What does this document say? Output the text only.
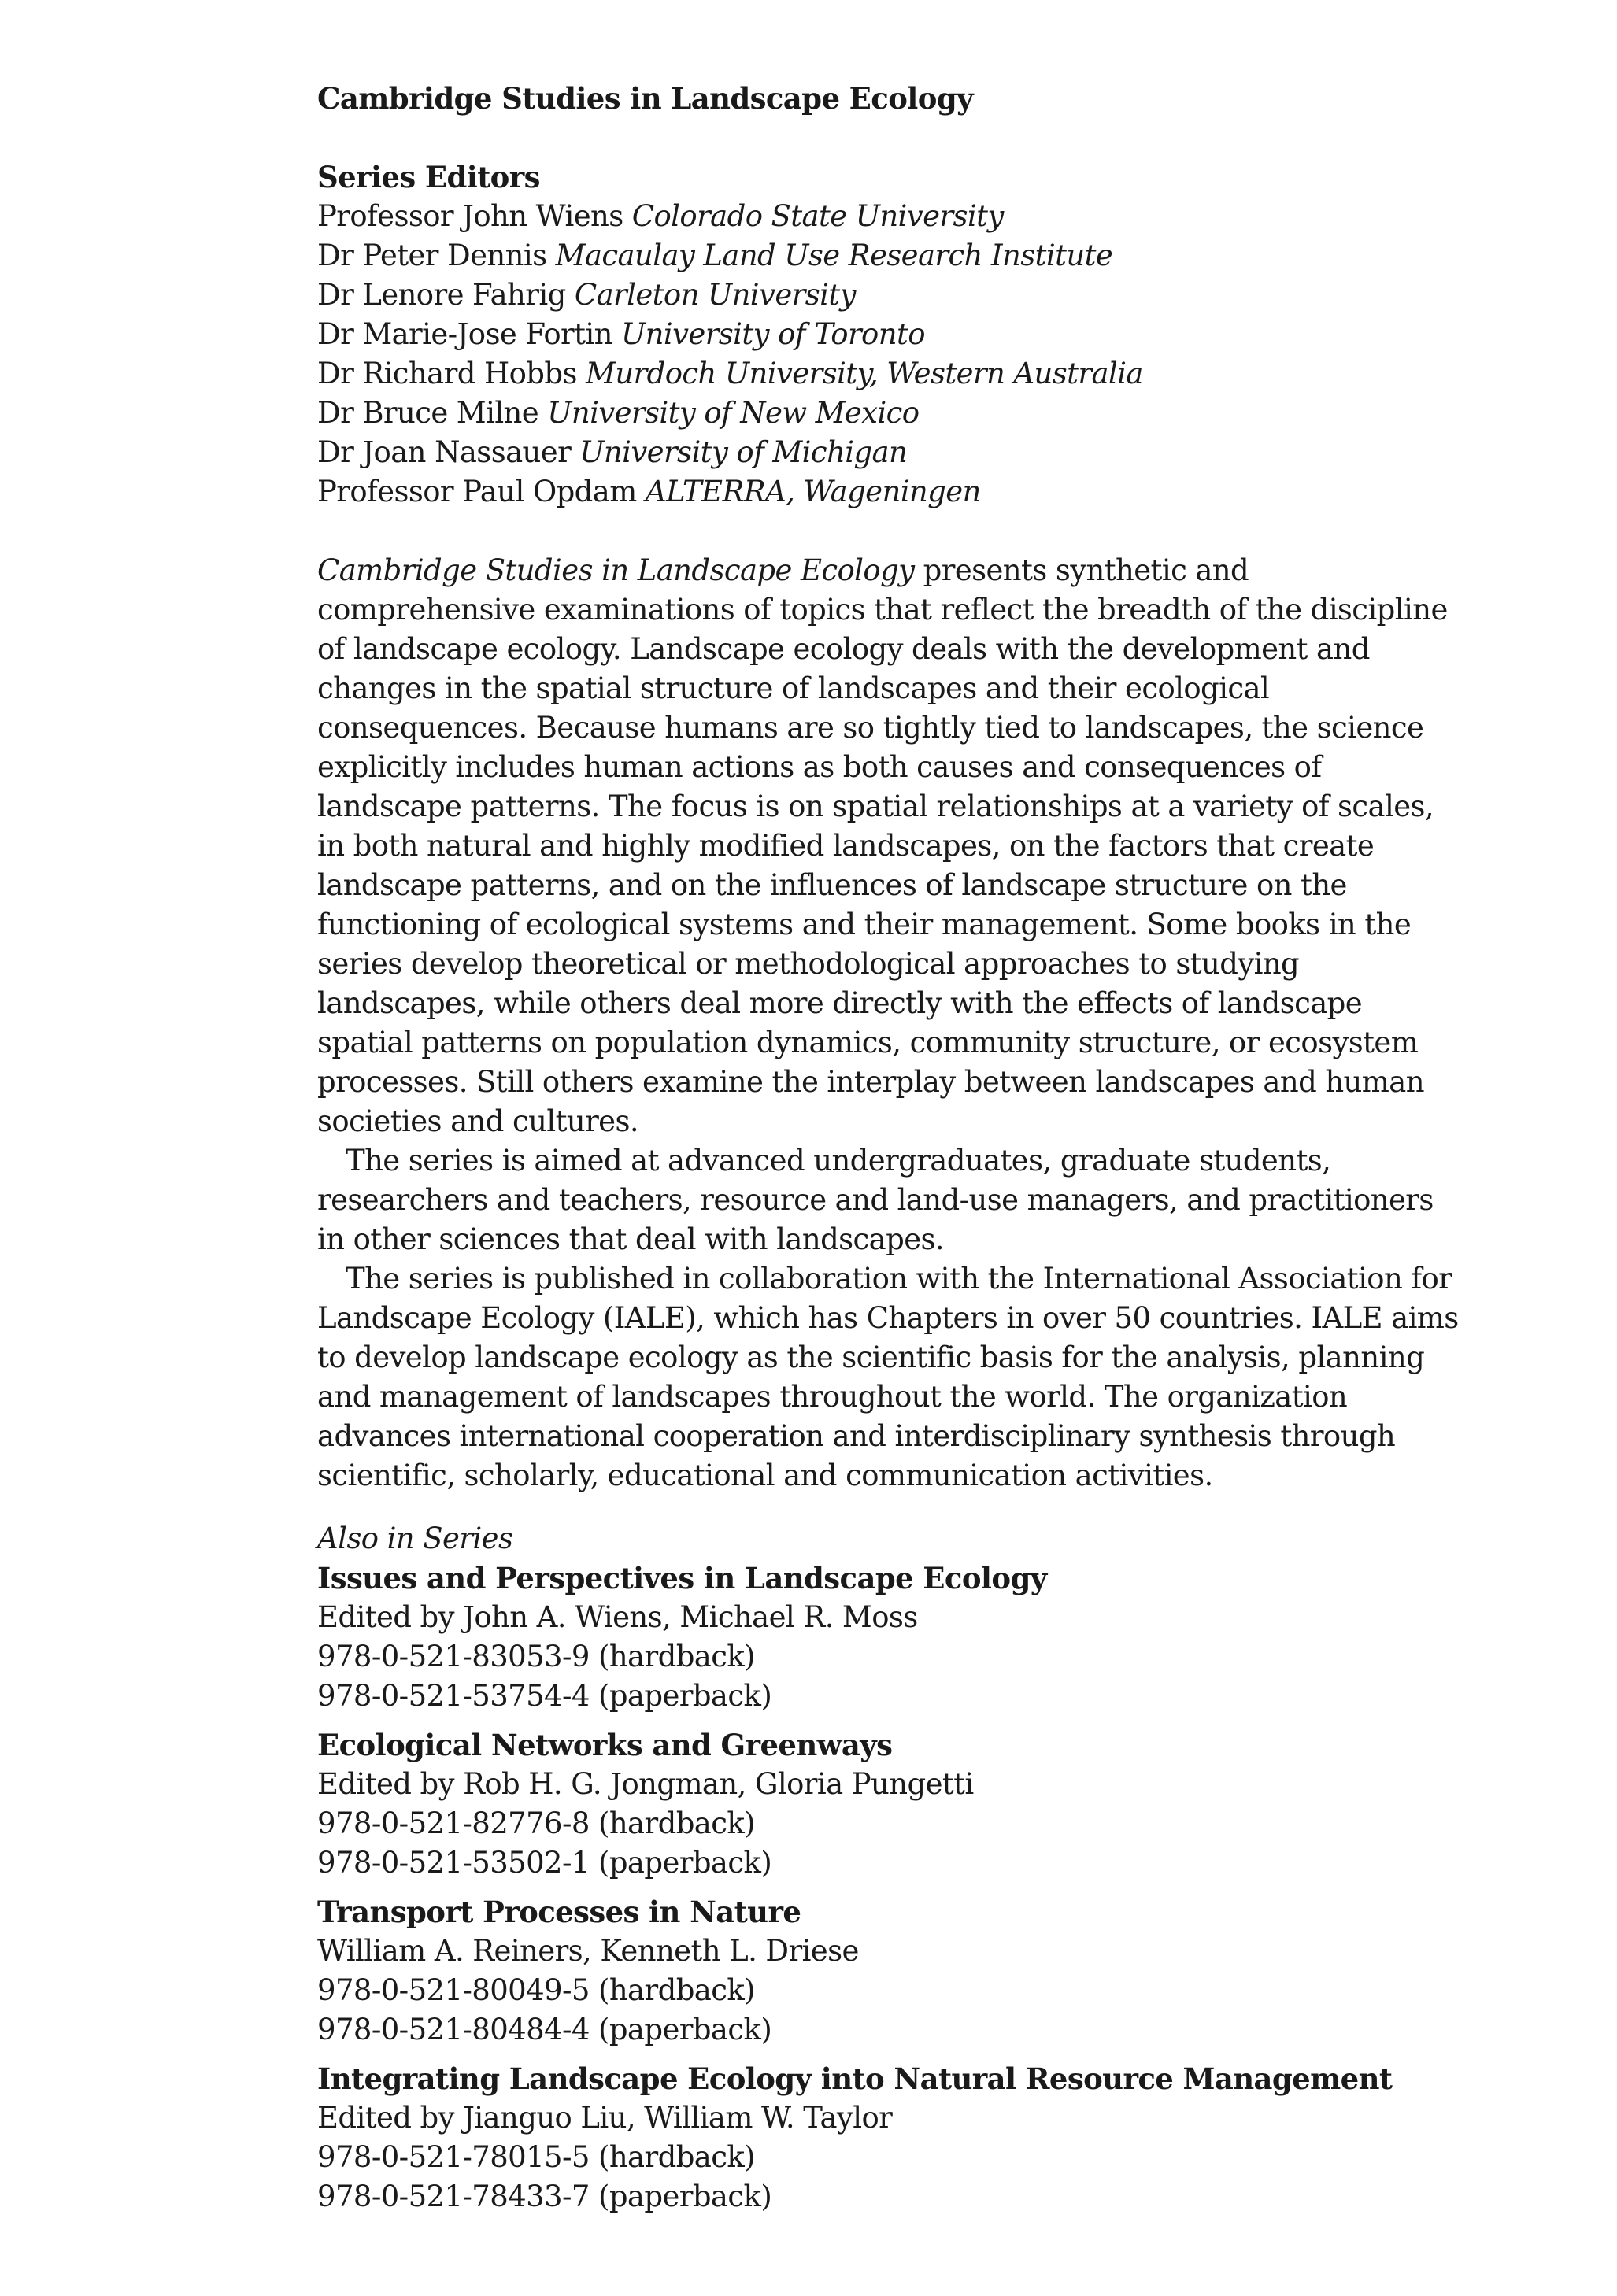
Cambridge Studies in Landscape Ecology
Series Editors
Professor John Wiens Colorado State University
Dr Peter Dennis Macaulay Land Use Research Institute
Dr Lenore Fahrig Carleton University
Dr Marie-Jose Fortin University of Toronto
Dr Richard Hobbs Murdoch University, Western Australia
Dr Bruce Milne University of New Mexico
Dr Joan Nassauer University of Michigan
Professor Paul Opdam ALTERRA, Wageningen

Cambridge Studies in Landscape Ecology presents synthetic and comprehensive examinations of topics that reflect the breadth of the discipline of landscape ecology. Landscape ecology deals with the development and changes in the spatial structure of landscapes and their ecological consequences. Because humans are so tightly tied to landscapes, the science explicitly includes human actions as both causes and consequences of landscape patterns. The focus is on spatial relationships at a variety of scales, in both natural and highly modified landscapes, on the factors that create landscape patterns, and on the influences of landscape structure on the functioning of ecological systems and their management. Some books in the series develop theoretical or methodological approaches to studying landscapes, while others deal more directly with the effects of landscape spatial patterns on population dynamics, community structure, or ecosystem processes. Still others examine the interplay between landscapes and human societies and cultures.

The series is aimed at advanced undergraduates, graduate students, researchers and teachers, resource and land-use managers, and practitioners in other sciences that deal with landscapes.

The series is published in collaboration with the International Association for Landscape Ecology (IALE), which has Chapters in over 50 countries. IALE aims to develop landscape ecology as the scientific basis for the analysis, planning and management of landscapes throughout the world. The organization advances international cooperation and interdisciplinary synthesis through scientific, scholarly, educational and communication activities.

Also in Series
Issues and Perspectives in Landscape Ecology
Edited by John A. Wiens, Michael R. Moss
978-0-521-83053-9 (hardback)
978-0-521-53754-4 (paperback)
Ecological Networks and Greenways
Edited by Rob H. G. Jongman, Gloria Pungetti
978-0-521-82776-8 (hardback)
978-0-521-53502-1 (paperback)
Transport Processes in Nature
William A. Reiners, Kenneth L. Driese
978-0-521-80049-5 (hardback)
978-0-521-80484-4 (paperback)
Integrating Landscape Ecology into Natural Resource Management
Edited by Jianguo Liu, William W. Taylor
978-0-521-78015-5 (hardback)
978-0-521-78433-7 (paperback)
